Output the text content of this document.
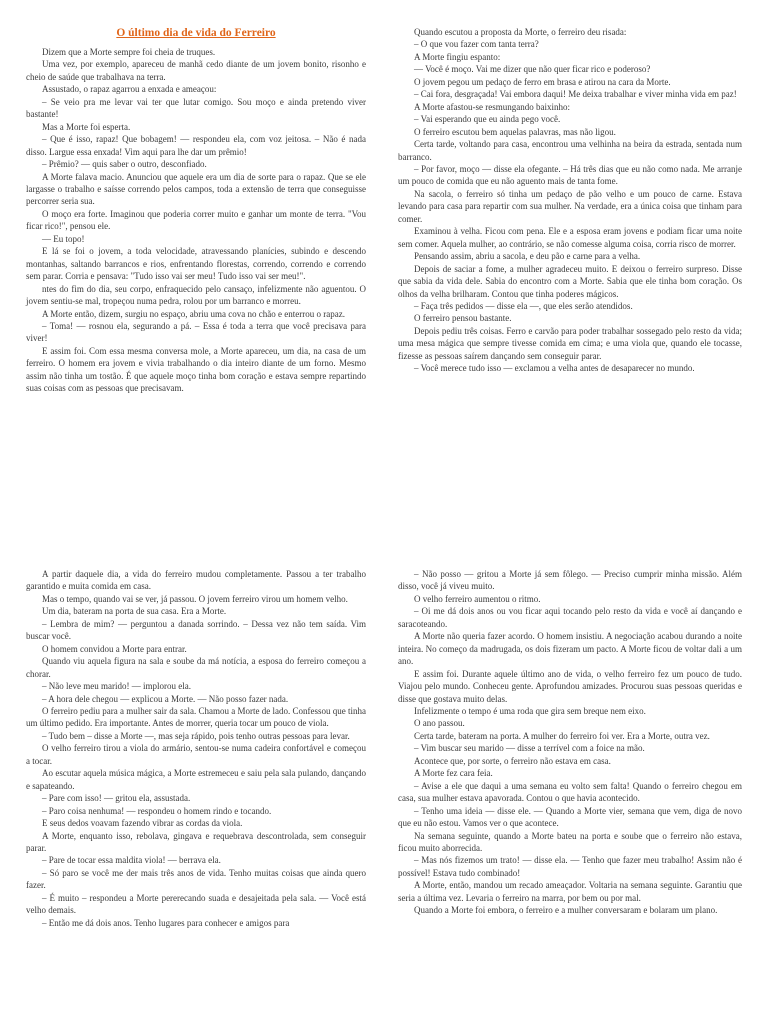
O último dia de vida do Ferreiro

Dizem que a Morte sempre foi cheia de truques.

Uma vez, por exemplo, apareceu de manhã cedo diante de um jovem bonito, risonho e cheio de saúde que trabalhava na terra.

Assustado, o rapaz agarrou a enxada e ameaçou:

– Se veio pra me levar vai ter que lutar comigo. Sou moço e ainda pretendo viver bastante!

Mas a Morte foi esperta.

– Que é isso, rapaz! Que bobagem! — respondeu ela, com voz jeitosa. – Não é nada disso. Largue essa enxada! Vim aqui para lhe dar um prêmio!

– Prêmio? — quis saber o outro, desconfiado.

A Morte falava macio. Anunciou que aquele era um dia de sorte para o rapaz. Que se ele largasse o trabalho e saísse correndo pelos campos, toda a extensão de terra que conseguisse percorrer seria sua.

O moço era forte. Imaginou que poderia correr muito e ganhar um monte de terra. "Vou ficar rico!", pensou ele.

— Eu topo!

E lá se foi o jovem, a toda velocidade, atravessando planícies, subindo e descendo montanhas, saltando barrancos e rios, enfrentando florestas, correndo, correndo e correndo sem parar. Corria e pensava: "Tudo isso vai ser meu! Tudo isso vai ser meu!".

ntes do fim do dia, seu corpo, enfraquecido pelo cansaço, infelizmente não aguentou. O jovem sentiu-se mal, tropeçou numa pedra, rolou por um barranco e morreu.

A Morte então, dizem, surgiu no espaço, abriu uma cova no chão e enterrou o rapaz.

– Toma! — rosnou ela, segurando a pá. – Essa é toda a terra que você precisava para viver!

E assim foi. Com essa mesma conversa mole, a Morte apareceu, um dia, na casa de um ferreiro. O homem era jovem e vivia trabalhando o dia inteiro diante de um forno. Mesmo assim não tinha um tostão. É que aquele moço tinha bom coração e estava sempre repartindo suas coisas com as pessoas que precisavam.

Quando escutou a proposta da Morte, o ferreiro deu risada:

– O que vou fazer com tanta terra?

A Morte fingiu espanto:

— Você é moço. Vai me dizer que não quer ficar rico e poderoso?

O jovem pegou um pedaço de ferro em brasa e atirou na cara da Morte.

– Cai fora, desgraçada! Vai embora daqui! Me deixa trabalhar e viver minha vida em paz!

A Morte afastou-se resmungando baixinho:

– Vai esperando que eu ainda pego você.

O ferreiro escutou bem aquelas palavras, mas não ligou.

Certa tarde, voltando para casa, encontrou uma velhinha na beira da estrada, sentada num barranco.

– Por favor, moço — disse ela ofegante. – Há três dias que eu não como nada. Me arranje um pouco de comida que eu não aguento mais de tanta fome.

Na sacola, o ferreiro só tinha um pedaço de pão velho e um pouco de carne. Estava levando para casa para repartir com sua mulher. Na verdade, era a única coisa que tinham para comer.

Examinou à velha. Ficou com pena. Ele e a esposa eram jovens e podiam ficar uma noite sem comer. Aquela mulher, ao contrário, se não comesse alguma coisa, corria risco de morrer.

Pensando assim, abriu a sacola, e deu pão e carne para a velha.

Depois de saciar a fome, a mulher agradeceu muito. E deixou o ferreiro surpreso. Disse que sabia da vida dele. Sabia do encontro com a Morte. Sabia que ele tinha bom coração. Os olhos da velha brilharam. Contou que tinha poderes mágicos.

– Faça três pedidos — disse ela —, que eles serão atendidos.

O ferreiro pensou bastante.

Depois pediu três coisas. Ferro e carvão para poder trabalhar sossegado pelo resto da vida; uma mesa mágica que sempre tivesse comida em cima; e uma viola que, quando ele tocasse, fizesse as pessoas saírem dançando sem conseguir parar.

– Você merece tudo isso — exclamou a velha antes de desaparecer no mundo.

A partir daquele dia, a vida do ferreiro mudou completamente. Passou a ter trabalho garantido e muita comida em casa.

Mas o tempo, quando vai se ver, já passou. O jovem ferreiro virou um homem velho.

Um dia, bateram na porta de sua casa. Era a Morte.

– Lembra de mim? — perguntou a danada sorrindo. – Dessa vez não tem saída. Vim buscar você.

O homem convidou a Morte para entrar.

Quando viu aquela figura na sala e soube da má notícia, a esposa do ferreiro começou a chorar.

– Não leve meu marido! — implorou ela.

– A hora dele chegou — explicou a Morte. — Não posso fazer nada.

O ferreiro pediu para a mulher sair da sala. Chamou a Morte de lado. Confessou que tinha um último pedido. Era importante. Antes de morrer, queria tocar um pouco de viola.

– Tudo bem – disse a Morte —, mas seja rápido, pois tenho outras pessoas para levar.

O velho ferreiro tirou a viola do armário, sentou-se numa cadeira confortável e começou a tocar.

Ao escutar aquela música mágica, a Morte estremeceu e saiu pela sala pulando, dançando e sapateando.

– Pare com isso! — gritou ela, assustada.

– Paro coisa nenhuma! — respondeu o homem rindo e tocando.

E seus dedos voavam fazendo vibrar as cordas da viola.

A Morte, enquanto isso, rebolava, gingava e requebrava descontrolada, sem conseguir parar.

– Pare de tocar essa maldita viola! — berrava ela.

– Só paro se você me der mais três anos de vida. Tenho muitas coisas que ainda quero fazer.

– É muito – respondeu a Morte pererecando suada e desajeitada pela sala. — Você está velho demais.

– Então me dá dois anos. Tenho lugares para conhecer e amigos para

– Não posso — gritou a Morte já sem fôlego. — Preciso cumprir minha missão. Além disso, você já viveu muito.

O velho ferreiro aumentou o ritmo.

– Oi me dá dois anos ou vou ficar aqui tocando pelo resto da vida e você aí dançando e saracoteando.

A Morte não queria fazer acordo. O homem insistiu. A negociação acabou durando a noite inteira. No começo da madrugada, os dois fizeram um pacto. A Morte ficou de voltar dali a um ano.

E assim foi. Durante aquele último ano de vida, o velho ferreiro fez um pouco de tudo. Viajou pelo mundo. Conheceu gente. Aprofundou amizades. Procurou suas pessoas queridas e disse que gostava muito delas.

Infelizmente o tempo é uma roda que gira sem breque nem eixo.

O ano passou.

Certa tarde, bateram na porta. A mulher do ferreiro foi ver. Era a Morte, outra vez.

– Vim buscar seu marido — disse a terrível com a foice na mão.

Acontece que, por sorte, o ferreiro não estava em casa.

A Morte fez cara feia.

– Avise a ele que daqui a uma semana eu volto sem falta! Quando o ferreiro chegou em casa, sua mulher estava apavorada. Contou o que havia acontecido.

– Tenho uma ideia — disse ele. — Quando a Morte vier, semana que vem, diga de novo que eu não estou. Vamos ver o que acontece.

Na semana seguinte, quando a Morte bateu na porta e soube que o ferreiro não estava, ficou muito aborrecida.

– Mas nós fizemos um trato! — disse ela. — Tenho que fazer meu trabalho! Assim não é possível! Estava tudo combinado!

A Morte, então, mandou um recado ameaçador. Voltaria na semana seguinte. Garantiu que seria a última vez. Levaria o ferreiro na marra, por bem ou por mal.

Quando a Morte foi embora, o ferreiro e a mulher conversaram e bolaram um plano.
